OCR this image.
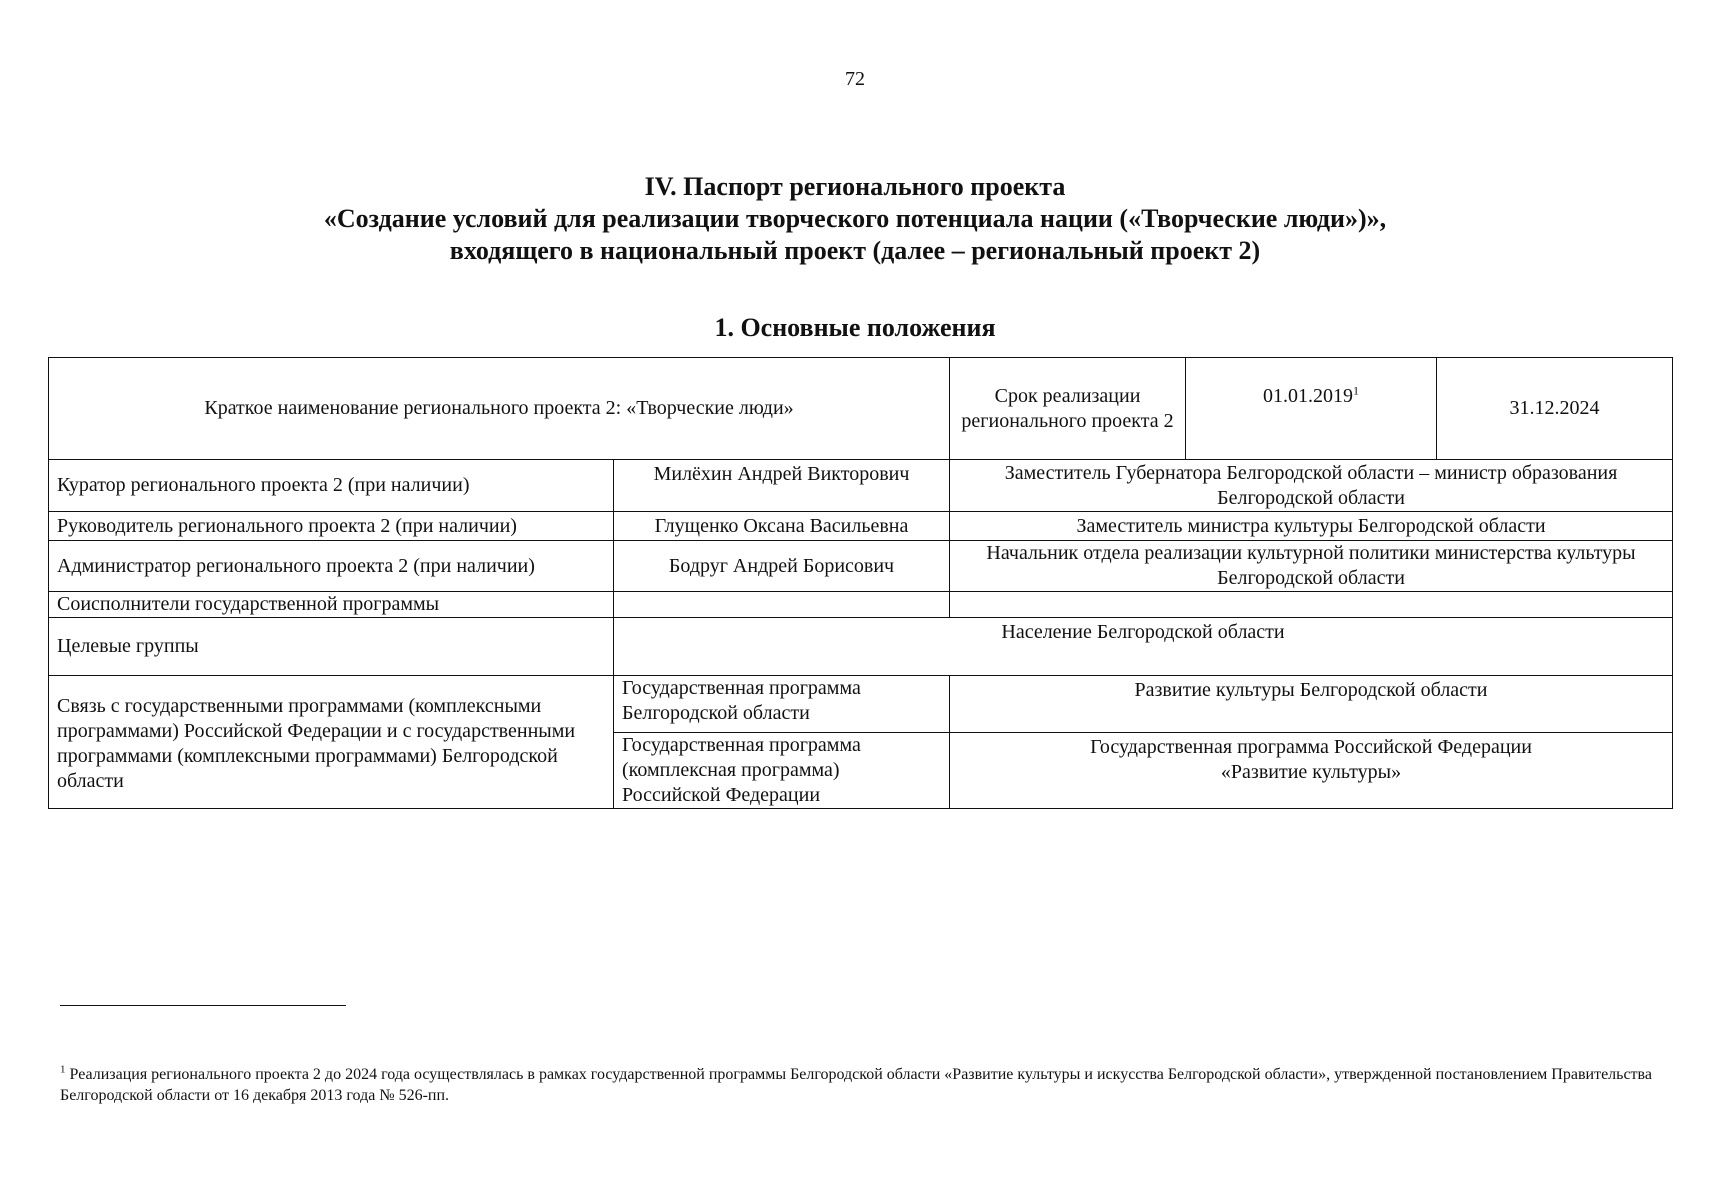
72
IV. Паспорт регионального проекта
«Создание условий для реализации творческого потенциала нации («Творческие люди»)»,
входящего в национальный проект (далее – региональный проект 2)
1. Основные положения
Краткое наименование регионального проекта 2: «Творческие люди»		Срок реализации регионального проекта 2	01.01.2019$^1$	31.12.2024
Куратор регионального проекта 2 (при наличии)	Милёхин Андрей Викторович	Заместитель Губернатора Белгородской области – министр образования Белгородской области		
Руководитель регионального проекта 2 (при наличии)	Глущенко Оксана Васильевна	Заместитель министра культуры Белгородской области		
Администратор регионального проекта 2 (при наличии)	Бодруг Андрей Борисович	Начальник отдела реализации культурной политики министерства культуры Белгородской области		
Соисполнители государственной программы				
Целевые группы	Население Белгородской области			
Связь с государственными программами (комплексными программами) Российской Федерации и с государственными программами (комплексными программами) Белгородской области	Государственная программа Белгородской области	Развитие культуры Белгородской области		
	Государственная программа (комплексная программа) Российской Федерации	Государственная программа Российской Федерации «Развитие культуры»		
$^1$ Реализация регионального проекта 2 до 2024 года осуществлялась в рамках государственной программы Белгородской области «Развитие культуры и искусства Белгородской области», утвержденной постановлением Правительства Белгородской области от 16 декабря 2013 года № 526-пп.
